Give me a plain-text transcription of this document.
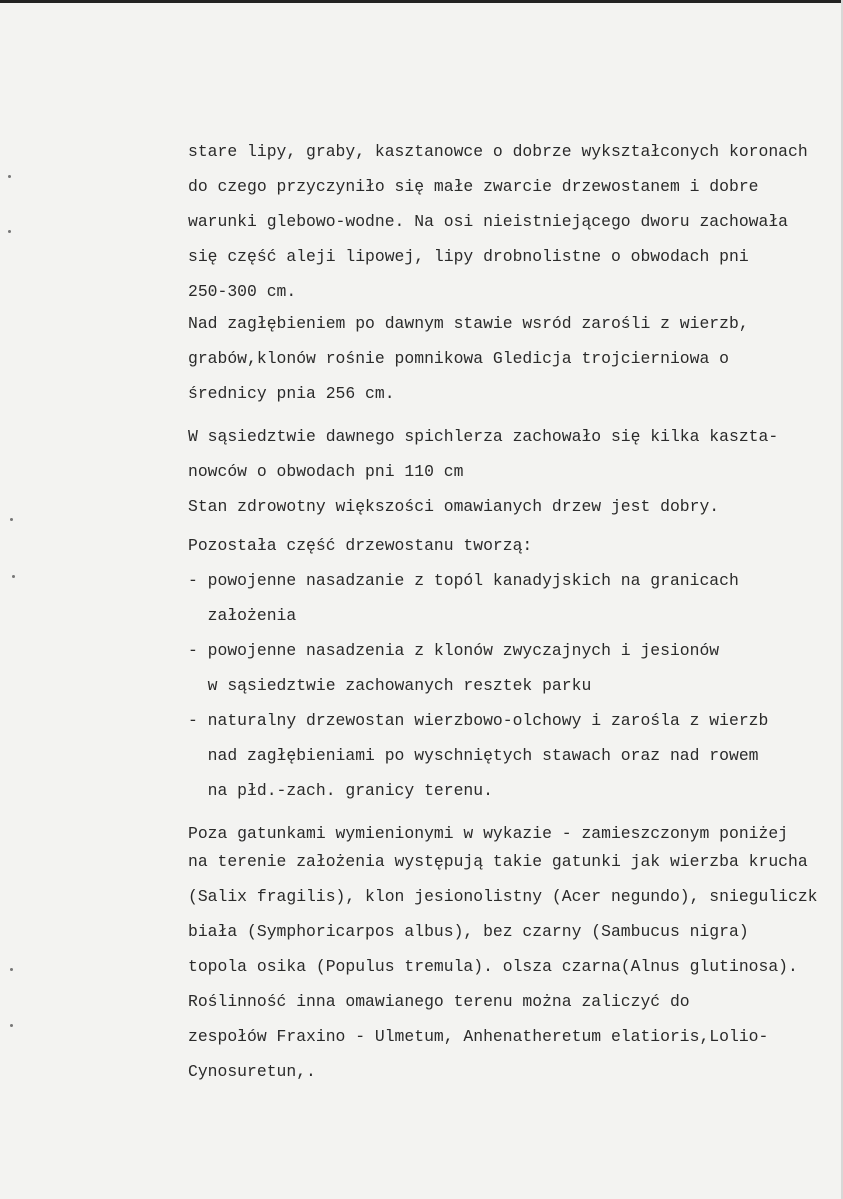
stare lipy, graby, kasztanowce o dobrze wykształconych koronach
do czego przyczyniło się małe zwarcie drzewostanem i dobre
warunki glebowo-wodne. Na osi nieistniejącego dworu zachowała
się część aleji lipowej, lipy drobnolistne o obwodach pni
250-300 cm.
Nad zagłębieniem po dawnym stawie wsród zarośli z wierzb,
grabów,klonów rośnie pomnikowa Gledicja trojcierniowa o
średnicy pnia 256 cm.
W sąsiedztwie dawnego spichlerza zachowało się kilka kaszta-
nowców o obwodach pni 110 cm
Stan zdrowotny większości omawianych drzew jest dobry.
Pozostała część drzewostanu tworzą:
- powojenne nasadzanie z topól kanadyjskich na granicach
założenia
- powojenne nasadzenia z klonów zwyczajnych i jesionów
w sąsiedztwie zachowanych resztek parku
- naturalny drzewostan wierzbowo-olchowy i zarośla z wierzb
nad zagłębieniami po wyschniętych stawach oraz nad rowem
na płd.-zach. granicy terenu.
Poza gatunkami wymienionymi w wykazie - zamieszczonym poniżej
na terenie założenia występują takie gatunki jak wierzba krucha
(Salix fragilis), klon jesionolistny (Acer negundo), snieguliczk
biała (Symphoricarpos albus), bez czarny (Sambucus nigra)
topola osika (Populus tremula). olsza czarna(Alnus glutinosa).
Roślinność inna omawianego terenu można zaliczyć do
zespołów Fraxino - Ulmetum, Anhenatheretum elatioris,Lolio-
Cynosuretun,.
